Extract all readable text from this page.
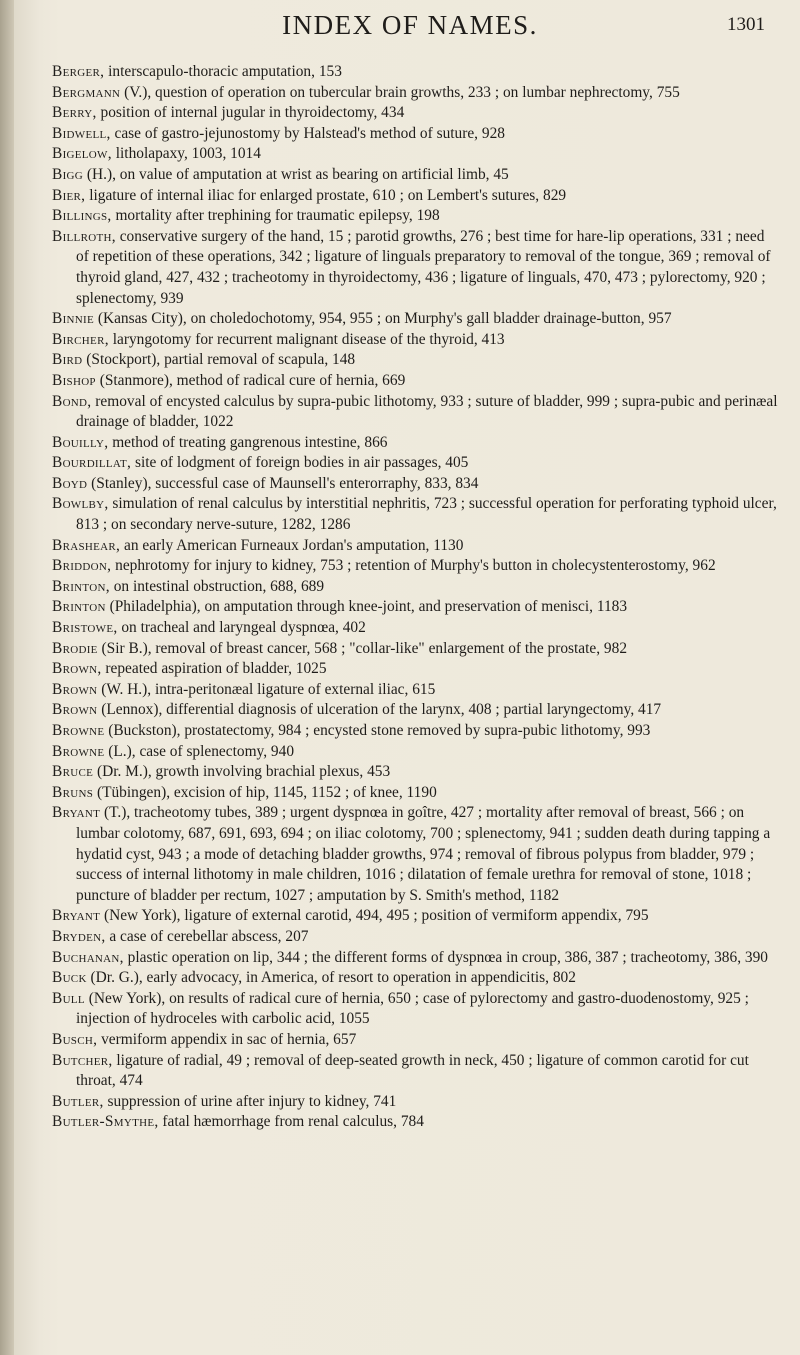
INDEX OF NAMES.	1301

Berger, interscapulo-thoracic amputation, 153

Bergmann (V.), question of operation on tubercular brain growths, 233 ; on lumbar nephrectomy, 755

Berry, position of internal jugular in thyroidectomy, 434

Bidwell, case of gastro-jejunostomy by Halstead's method of suture, 928

Bigelow, litholapaxy, 1003, 1014

Bigg (H.), on value of amputation at wrist as bearing on artificial limb, 45

Bier, ligature of internal iliac for enlarged prostate, 610 ; on Lembert's sutures, 829

Billings, mortality after trephining for traumatic epilepsy, 198

Billroth, conservative surgery of the hand, 15 ; parotid growths, 276 ; best time for hare-lip operations, 331 ; need of repetition of these operations, 342 ; ligature of linguals preparatory to removal of the tongue, 369 ; removal of thyroid gland, 427, 432 ; tracheotomy in thyroidectomy, 436 ; ligature of linguals, 470, 473 ; pylorectomy, 920 ; splenectomy, 939

Binnie (Kansas City), on choledochotomy, 954, 955 ; on Murphy's gall bladder drainage-button, 957

Bircher, laryngotomy for recurrent malignant disease of the thyroid, 413

Bird (Stockport), partial removal of scapula, 148

Bishop (Stanmore), method of radical cure of hernia, 669

Bond, removal of encysted calculus by supra-pubic lithotomy, 933 ; suture of bladder, 999 ; supra-pubic and perinæal drainage of bladder, 1022

Bouilly, method of treating gangrenous intestine, 866

Bourdillat, site of lodgment of foreign bodies in air passages, 405

Boyd (Stanley), successful case of Maunsell's enterorraphy, 833, 834

Bowlby, simulation of renal calculus by interstitial nephritis, 723 ; successful operation for perforating typhoid ulcer, 813 ; on secondary nerve-suture, 1282, 1286

Brashear, an early American Furneaux Jordan's amputation, 1130

Briddon, nephrotomy for injury to kidney, 753 ; retention of Murphy's button in cholecystenterostomy, 962

Brinton, on intestinal obstruction, 688, 689

Brinton (Philadelphia), on amputation through knee-joint, and preservation of menisci, 1183

Bristowe, on tracheal and laryngeal dyspnœa, 402

Brodie (Sir B.), removal of breast cancer, 568 ; "collar-like" enlargement of the prostate, 982

Brown, repeated aspiration of bladder, 1025

Brown (W. H.), intra-peritonæal ligature of external iliac, 615

Brown (Lennox), differential diagnosis of ulceration of the larynx, 408 ; partial laryngectomy, 417

Browne (Buckston), prostatectomy, 984 ; encysted stone removed by supra-pubic lithotomy, 993

Browne (L.), case of splenectomy, 940

Bruce (Dr. M.), growth involving brachial plexus, 453

Bruns (Tübingen), excision of hip, 1145, 1152 ; of knee, 1190

Bryant (T.), tracheotomy tubes, 389 ; urgent dyspnœa in goître, 427 ; mortality after removal of breast, 566 ; on lumbar colotomy, 687, 691, 693, 694 ; on iliac colotomy, 700 ; splenectomy, 941 ; sudden death during tapping a hydatid cyst, 943 ; a mode of detaching bladder growths, 974 ; removal of fibrous polypus from bladder, 979 ; success of internal lithotomy in male children, 1016 ; dilatation of female urethra for removal of stone, 1018 ; puncture of bladder per rectum, 1027 ; amputation by S. Smith's method, 1182

Bryant (New York), ligature of external carotid, 494, 495 ; position of vermiform appendix, 795

Bryden, a case of cerebellar abscess, 207

Buchanan, plastic operation on lip, 344 ; the different forms of dyspnœa in croup, 386, 387 ; tracheotomy, 386, 390

Buck (Dr. G.), early advocacy, in America, of resort to operation in appendicitis, 802

Bull (New York), on results of radical cure of hernia, 650 ; case of pylorectomy and gastro-duodenostomy, 925 ; injection of hydroceles with carbolic acid, 1055

Busch, vermiform appendix in sac of hernia, 657

Butcher, ligature of radial, 49 ; removal of deep-seated growth in neck, 450 ; ligature of common carotid for cut throat, 474

Butler, suppression of urine after injury to kidney, 741

Butler-Smythe, fatal hæmorrhage from renal calculus, 784
